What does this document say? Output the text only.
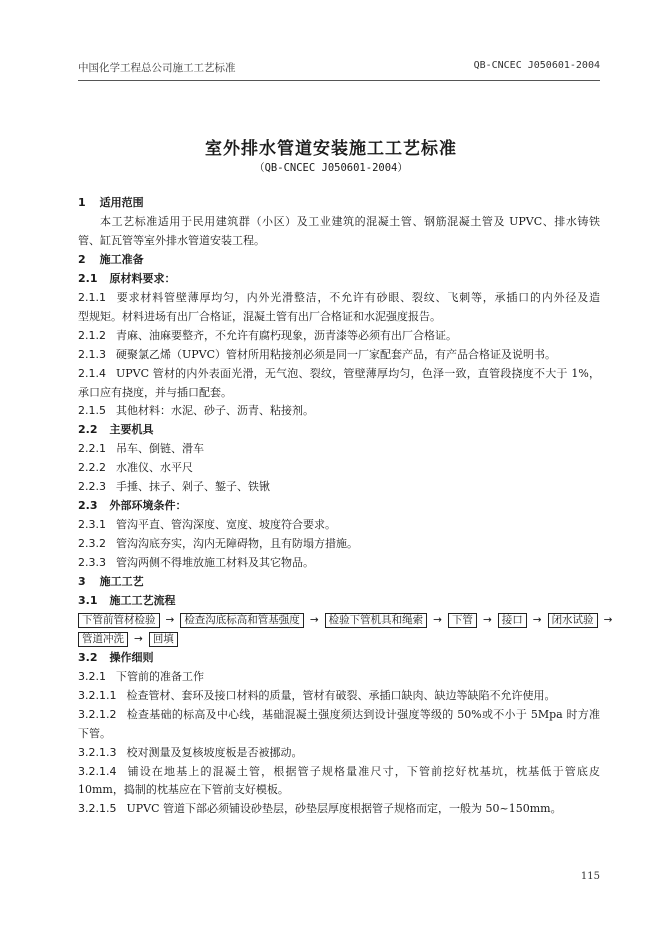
中国化学工程总公司施工工艺标准	QB-CNCEC J050601-2004
室外排水管道安装施工工艺标准
（QB-CNCEC J050601-2004）
1 适用范围
本工艺标准适用于民用建筑群（小区）及工业建筑的混凝土管、钢筋混凝土管及 UPVC、排水铸铁
管、缸瓦管等室外排水管道安装工程。
2 施工准备
2.1 原材料要求：
2.1.1 要求材料管壁薄厚均匀，内外光滑整洁，不允许有砂眼、裂纹、飞刺等，承插口的内外径及造
型规矩。材料进场有出厂合格证，混凝土管有出厂合格证和水泥强度报告。
2.1.2 青麻、油麻要整齐，不允许有腐朽现象，沥青漆等必须有出厂合格证。
2.1.3 硬聚氯乙烯（UPVC）管材所用粘接剂必须是同一厂家配套产品，有产品合格证及说明书。
2.1.4 UPVC 管材的内外表面光滑，无气泡、裂纹，管壁薄厚均匀，色泽一致，直管段挠度不大于 1%，
承口应有挠度，并与插口配套。
2.1.5 其他材料：水泥、砂子、沥青、粘接剂。
2.2 主要机具
2.2.1 吊车、倒链、滑车
2.2.2 水准仪、水平尺
2.2.3 手捶、抹子、剁子、錾子、铁锹
2.3 外部环境条件：
2.3.1 管沟平直、管沟深度、宽度、坡度符合要求。
2.3.2 管沟沟底夯实，沟内无障碍物，且有防塌方措施。
2.3.3 管沟两侧不得堆放施工材料及其它物品。
3 施工工艺
3.1 施工工艺流程
下管前管材检验 → 检查沟底标高和管基强度 → 检验下管机具和绳索 → 下管 → 接口 → 闭水试验 →
管道冲洗 → 回填
3.2 操作细则
3.2.1 下管前的准备工作
3.2.1.1 检查管材、套环及接口材料的质量，管材有破裂、承插口缺肉、缺边等缺陷不允许使用。
3.2.1.2 检查基础的标高及中心线，基础混凝土强度须达到设计强度等级的 50%或不小于 5Mpa 时方准
下管。
3.2.1.3 校对测量及复核坡度板是否被挪动。
3.2.1.4 铺设在地基上的混凝土管，根据管子规格量准尺寸，下管前挖好枕基坑，枕基低于管底皮
10mm，捣制的枕基应在下管前支好模板。
3.2.1.5 UPVC 管道下部必须铺设砂垫层，砂垫层厚度根据管子规格而定，一般为 50~150mm。
115
